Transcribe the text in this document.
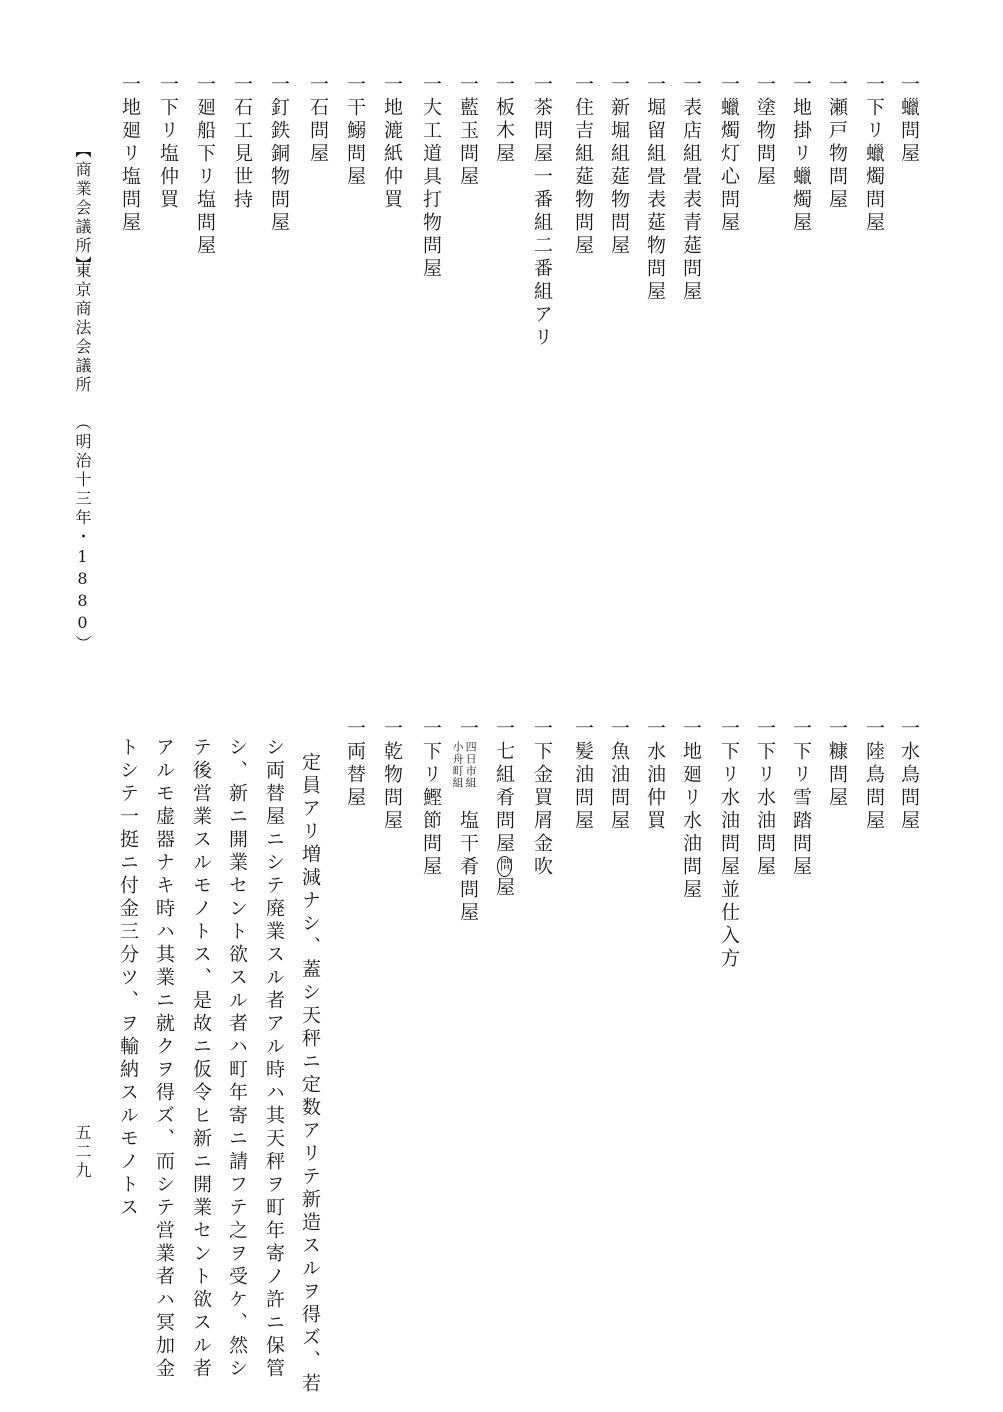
一蠟問屋
一下リ蠟燭問屋
一瀬戸物問屋
一地掛リ蠟燭屋
一塗物問屋
一蠟燭灯心問屋
一表店組畳表青莚問屋
一堀留組畳表莚物問屋
一新堀組莚物問屋
一住吉組莚物問屋
一茶問屋一番組二番組アリ
一板木屋
一藍玉問屋
一大工道具打物問屋
一地漉紙仲買
一干鰯問屋
一石問屋
一釘鉄銅物問屋
一石工見世持
一廻船下リ塩問屋
一下リ塩仲買
一地廻リ塩問屋
【商業会議所】
東京商法会議所
（明治十三年・1880）
一水鳥問屋
一陸鳥問屋
一糠問屋
一下リ雪踏問屋
一下リ水油問屋
一下リ水油問屋並仕入方
一地廻リ水油問屋
一水油仲買
一魚油問屋
一髪油問屋
一下金買屑金吹
一七組肴問屋問屋
一
四日市組
小舟町組
塩干肴問屋
一下リ鰹節問屋
一乾物問屋
一両替屋
定員アリ増減ナシ、蓋シ天秤ニ定数アリテ新造スルヲ得ズ、若
シ両替屋ニシテ廃業スル者アル時ハ其天秤ヲ町年寄ノ許ニ保管
シ、新ニ開業セント欲スル者ハ町年寄ニ請フテ之ヲ受ケ、然シ
テ後営業スルモノトス、是故ニ仮令ヒ新ニ開業セント欲スル者
アルモ虚器ナキ時ハ其業ニ就クヲ得ズ、而シテ営業者ハ冥加金
トシテ一挺ニ付金三分ツ、ヲ輸納スルモノトス
五二九
